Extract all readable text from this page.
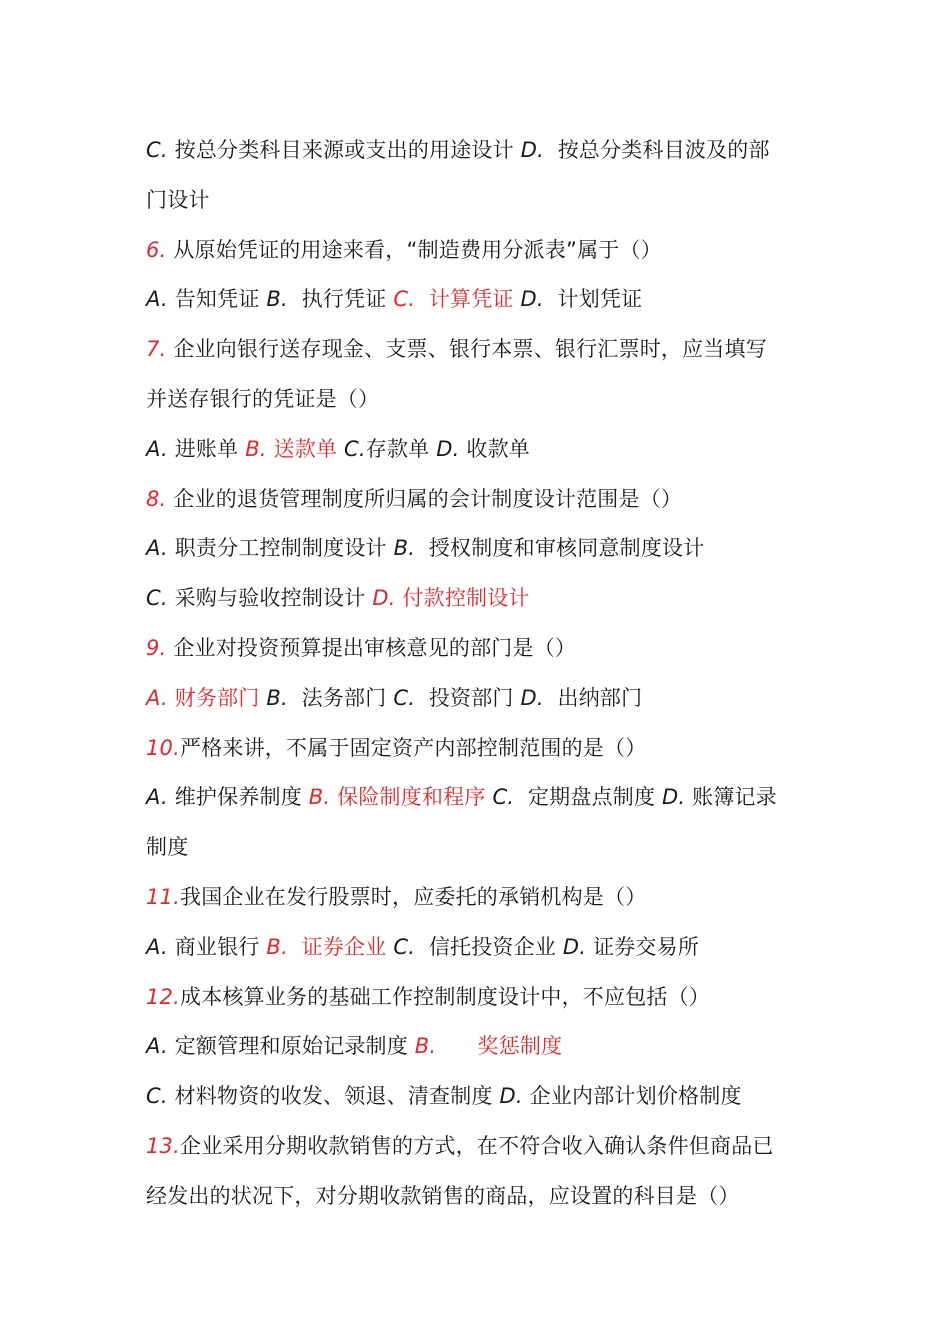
C. 按总分类科目来源或支出的用途设计 D.  按总分类科目波及的部
门设计
6. 从原始凭证的用途来看，“制造费用分派表”属于（）
A. 告知凭证 B.  执行凭证 C.  计算凭证 D.  计划凭证
7. 企业向银行送存现金、支票、银行本票、银行汇票时，应当填写
并送存银行的凭证是（）
A. 进账单 B. 送款单 C.存款单 D. 收款单
8. 企业的退货管理制度所归属的会计制度设计范围是（）
A. 职责分工控制制度设计 B.  授权制度和审核同意制度设计
C. 采购与验收控制设计 D. 付款控制设计
9. 企业对投资预算提出审核意见的部门是（）
A. 财务部门 B.  法务部门 C.  投资部门 D.  出纳部门
10.严格来讲，不属于固定资产内部控制范围的是（）
A. 维护保养制度 B. 保险制度和程序 C.  定期盘点制度 D. 账簿记录
制度
11.我国企业在发行股票时，应委托的承销机构是（）
A. 商业银行 B.  证券企业 C.  信托投资企业 D. 证券交易所
12.成本核算业务的基础工作控制制度设计中，不应包括（）
A. 定额管理和原始记录制度 B.      奖惩制度
C. 材料物资的收发、领退、清查制度 D. 企业内部计划价格制度
13.企业采用分期收款销售的方式，在不符合收入确认条件但商品已
经发出的状况下，对分期收款销售的商品，应设置的科目是（）
